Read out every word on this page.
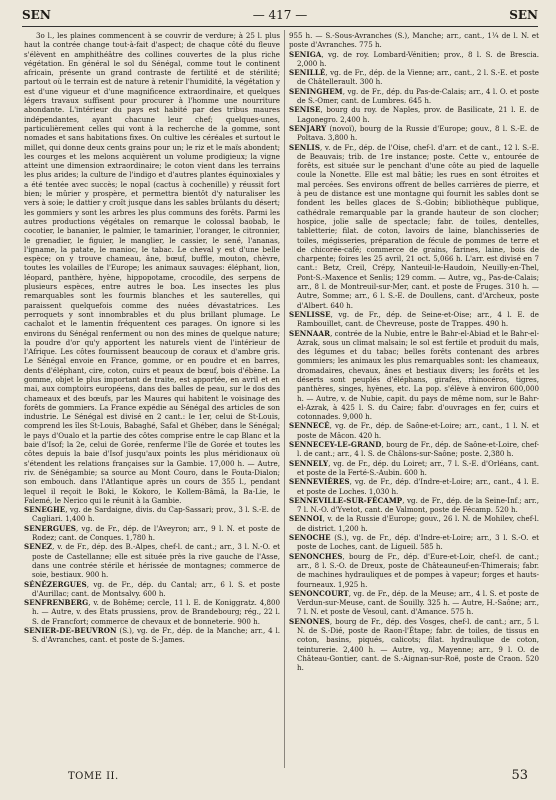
SEN	— 417 —	SEN

3o l., les plaines commencent à se couvrir de verdure; à 25 l. plus haut la contrée change tout-à-fait d'aspect; de chaque côté du fleuve s'élèvent en amphithéâtre des collines couvertes de la plus riche végétation. En général le sol du Sénégal, comme tout le continent africain, présente un grand contraste de fertilité et de stérilité; partout où le terrain est de nature à retenir l'humidité, la végétation y est d'une vigueur et d'une magnificence extraordinaire, et quelques légers travaux suffisent pour procurer à l'homme une nourriture abondante. L'intérieur du pays est habité par des tribus maures indépendantes, ayant chacune leur chef; quelques-unes, particulièrement celles qui vont à la recherche de la gomme, sont nomades et sans habitations fixes. On cultive les céréales et surtout le millet, qui donne deux cents grains pour un; le riz et le maïs abondent; les courges et les melons acquièrent un volume prodigieux; la vigne atteint une dimension extraordinaire; le coton vient dans les terrains les plus arides; la culture de l'indigo et d'autres plantes équinoxiales y a été tentée avec succès; le nopal (cactus à cochenille) y réussit fort bien; le mûrier y prospère, et permettra bientôt d'y naturaliser les vers à soie; le dattier y croît jusque dans les sables brûlants du désert; les gommiers y sont les arbres les plus communs des forêts. Parmi les autres productions végétales on remarque le colossal baobab, le cocotier, le bananier, le palmier, le tamarinier, l'oranger, le citronnier, le grenadier, le figuier, le manglier, le cassier, le sené, l'ananas, l'igname, la patate, le manioc, le tabac. Le cheval y est d'une belle espèce; on y trouve chameau, âne, bœuf, buffle, mouton, chèvre, toutes les volailles de l'Europe; les animaux sauvages: éléphant, lion, léopard, panthère, hyène, hippopotame, crocodile, des serpens de plusieurs espèces, entre autres le boa. Les insectes les plus remarquables sont les fourmis blanches et les sauterelles, qui paraissent quelquefois comme des nuées dévastatrices. Les perroquets y sont innombrables et du plus brillant plumage. Le cachalot et le lamentin fréquentent ces parages. On ignore si les environs du Sénégal renferment ou non des mines de quelque nature; la poudre d'or qu'y apportent les naturels vient de l'intérieur de l'Afrique. Les côtes fournissent beaucoup de coraux et d'ambre gris. Le Sénégal envoie en France, gomme, or en poudre et en barres, dents d'éléphant, cire, coton, cuirs et peaux de bœuf, bois d'ébène. La gomme, objet le plus important de traite, est apportée, en avril et en mai, aux comptoirs européens, dans des balles de peau, sur le dos des chameaux et des bœufs, par les Maures qui habitent le voisinage des forêts de gommiers. La France expédie au Sénégal des articles de son industrie. Le Sénégal est divisé en 2 cant.: le 1er, celui de St-Louis, comprend les îles St-Louis, Babaghé, Safal et Ghéber, dans le Sénégal; le pays d'Oualo et la partie des côtes comprise entre le cap Blanc et la baie d'Isof; la 2e, celui de Gorée, renferme l'île de Gorée et toutes les côtes depuis la baie d'Isof jusqu'aux points les plus méridionaux où s'étendent les relations françaises sur la Gambie. 17,000 h. — Autre, riv. de Sénégambie; sa source au Mont Couro, dans le Fouta-Dialon; son embouch. dans l'Atlantique après un cours de 355 l., pendant lequel il reçoit le Boki, le Kokoro, le Kollem-Bâmâ, la Ba-Lie, le Falemé, le Nerico qui le réunit à la Gambie.

SENEGHE, vg. de Sardaigne, divis. du Cap-Sassari; prov., 3 l. S.-E. de Cagliari. 1,400 h.

SENERGUES, vg. de Fr., dép. de l'Aveyron; arr., 9 l. N. et poste de Rodez; cant. de Conques. 1,780 h.

SENEZ, v. de Fr., dép. des B.-Alpes, chef-l. de cant.; arr., 3 l. N.-O. et poste de Castellanne; elle est située près la rive gauche de l'Asse, dans une contrée stérile et hérissée de montagnes; commerce de soie, bestiaux. 900 h.

SÉNÉZERGUES, vg. de Fr., dép. du Cantal; arr., 6 l. S. et poste d'Aurillac; cant. de Montsalvy. 600 h.

SENFRENBERG, v. de Bohême; cercle, 11 l. E. de Koniggratz. 4,800 h. — Autre, v. des Etats prussiens, prov. de Brandebourg; rég., 22 l. S. de Francfort; commerce de chevaux et de bonneterie. 900 h.

SENIER-DE-BEUVRON (S.), vg. de Fr., dép. de la Manche; arr., 4 l. S. d'Avranches, cant. et poste de S.-James.

955 h. — S.-Sous-Avranches (S.), Manche; arr., cant., 1¼ de l. N. et poste d'Avranches. 775 h.

SENIGA, vg. de roy. Lombard-Vénitien; prov., 8 l. S. de Brescia. 2,000 h.

SENILLÉ, vg. de Fr., dép. de la Vienne; arr., cant., 2 l. S.-E. et poste de Châtellerault. 300 h.

SENINGHEM, vg. de Fr., dép. du Pas-de-Calais; arr., 4 l. O. et poste de S.-Omer, cant. de Lumbres. 645 h.

SENISE, bourg du roy. de Naples, prov. de Basilicate, 21 l. E. de Lagonegro. 2,400 h.

SENJARY (novoï), bourg de la Russie d'Europe; gouv., 8 l. S.-E. de Poltava. 3,800 h.

SENLIS, v. de Fr., dép. de l'Oise, chef-l. d'arr. et de cant., 12 l. S.-E. de Beauvais; trib. de 1re instance; poste. Cette v., entourée de forêts, est située sur le penchant d'une côte au pied de laquelle coule la Nonette. Elle est mal bâtie; les rues en sont étroites et mal percées. Ses environs offrent de belles carrières de pierre, et à peu de distance est une montagne qui fournit les sables dont se fondent les belles glaces de S.-Gobin; bibliothèque publique, cathédrale remarquable par la grande hauteur de son clocher; hospice, jolie salle de spectacle; fabr. de toiles, dentelles, tabletterie; filat. de coton, lavoirs de laine, blanchisseries de toiles, mégisseries, préparation de fécule de pommes de terre et de chicorée-café; commerce de grains, farines, laine, bois de charpente; foires les 25 avril, 21 oct. 5,066 h. L'arr. est divisé en 7 cant.: Betz, Creil, Crépy, Nanteuil-le-Haudoin, Neuilly-en-Thel, Pont-S.-Maxence et Senlis; 129 comm. — Autre, vg., Pas-de-Calais; arr., 8 l. de Montreuil-sur-Mer, cant. et poste de Fruges. 310 h. — Autre, Somme; arr., 6 l. S.-E. de Doullens, cant. d'Archeux, poste d'Albert. 640 h.

SENLISSE, vg. de Fr., dép. de Seine-et-Oise; arr., 4 l. E. de Rambouillet, cant. de Chevreuse, poste de Trappes. 490 h.

SENNAAR, contrée de la Nubie, entre le Bahr-el-Abiad et le Bahr-el-Azrak, sous un climat malsain; le sol est fertile et produit du maïs, des légumes et du tabac; belles forêts contenant des arbres gommiers; les animaux les plus remarquables sont: les chameaux, dromadaires, chevaux, ânes et bestiaux divers; les forêts et les déserts sont peuplés d'éléphans, girafes, rhinocéros, tigres, panthères, singes, hyènes, etc. La pop. s'élève à environ 600,000 h. — Autre, v. de Nubie, capit. du pays de même nom, sur le Bahr-el-Azrak, à 425 l. S. du Caire; fabr. d'ouvrages en fer, cuirs et cotonnades. 9,000 h.

SENNECÉ, vg. de Fr., dép. de Saône-et-Loire; arr., cant., 1 l. N. et poste de Mâcon. 420 h.

SENNECEY-LE-GRAND, bourg de Fr., dép. de Saône-et-Loire, chef-l. de cant.; arr., 4 l. S. de Châlons-sur-Saône; poste. 2,380 h.

SENNELY, vg. de Fr., dép. du Loiret; arr., 7 l. S.-E. d'Orléans, cant. et poste de la Ferté-S.-Aubin. 600 h.

SENNEVIÈRES, vg. de Fr., dép. d'Indre-et-Loire; arr., cant., 4 l. E. et poste de Loches. 1,030 h.

SENNEVILLE-SUR-FÉCAMP, vg. de Fr., dép. de la Seine-Inf.; arr., 7 l. N.-O. d'Yvetot, cant. de Valmont, poste de Fécamp. 520 h.

SENNOI, v. de la Russie d'Europe; gouv., 26 l. N. de Mohilev, chef-l. de district. 1,200 h.

SENOCHE (S.), vg. de Fr., dép. d'Indre-et-Loire; arr., 3 l. S.-O. et poste de Loches, cant. de Ligueil. 585 h.

SENONCHES, bourg de Fr., dép. d'Eure-et-Loir, chef-l. de cant.; arr., 8 l. S.-O. de Dreux, poste de Châteauneuf-en-Thimerais; fabr. de machines hydrauliques et de pompes à vapeur; forges et hauts-fourneaux. 1,925 h.

SENONCOURT, vg. de Fr., dép. de la Meuse; arr., 4 l. S. et poste de Verdun-sur-Meuse, cant. de Souilly. 325 h. — Autre, H.-Saône; arr., 7 l. N. et poste de Vesoul, cant. d'Amance. 575 h.

SENONES, bourg de Fr., dép. des Vosges, chef-l. de cant.; arr., 5 l. N. de S.-Dié, poste de Raon-l'Étape; fabr. de toiles, de tissus en coton, basins, piqués, calicots; filat. hydraulique de coton, teinturerie. 2,400 h. — Autre, vg., Mayenne; arr., 9 l. O. de Château-Gontier, cant. de S.-Aignan-sur-Roë, poste de Craon. 520 h.

TOME II.	53
